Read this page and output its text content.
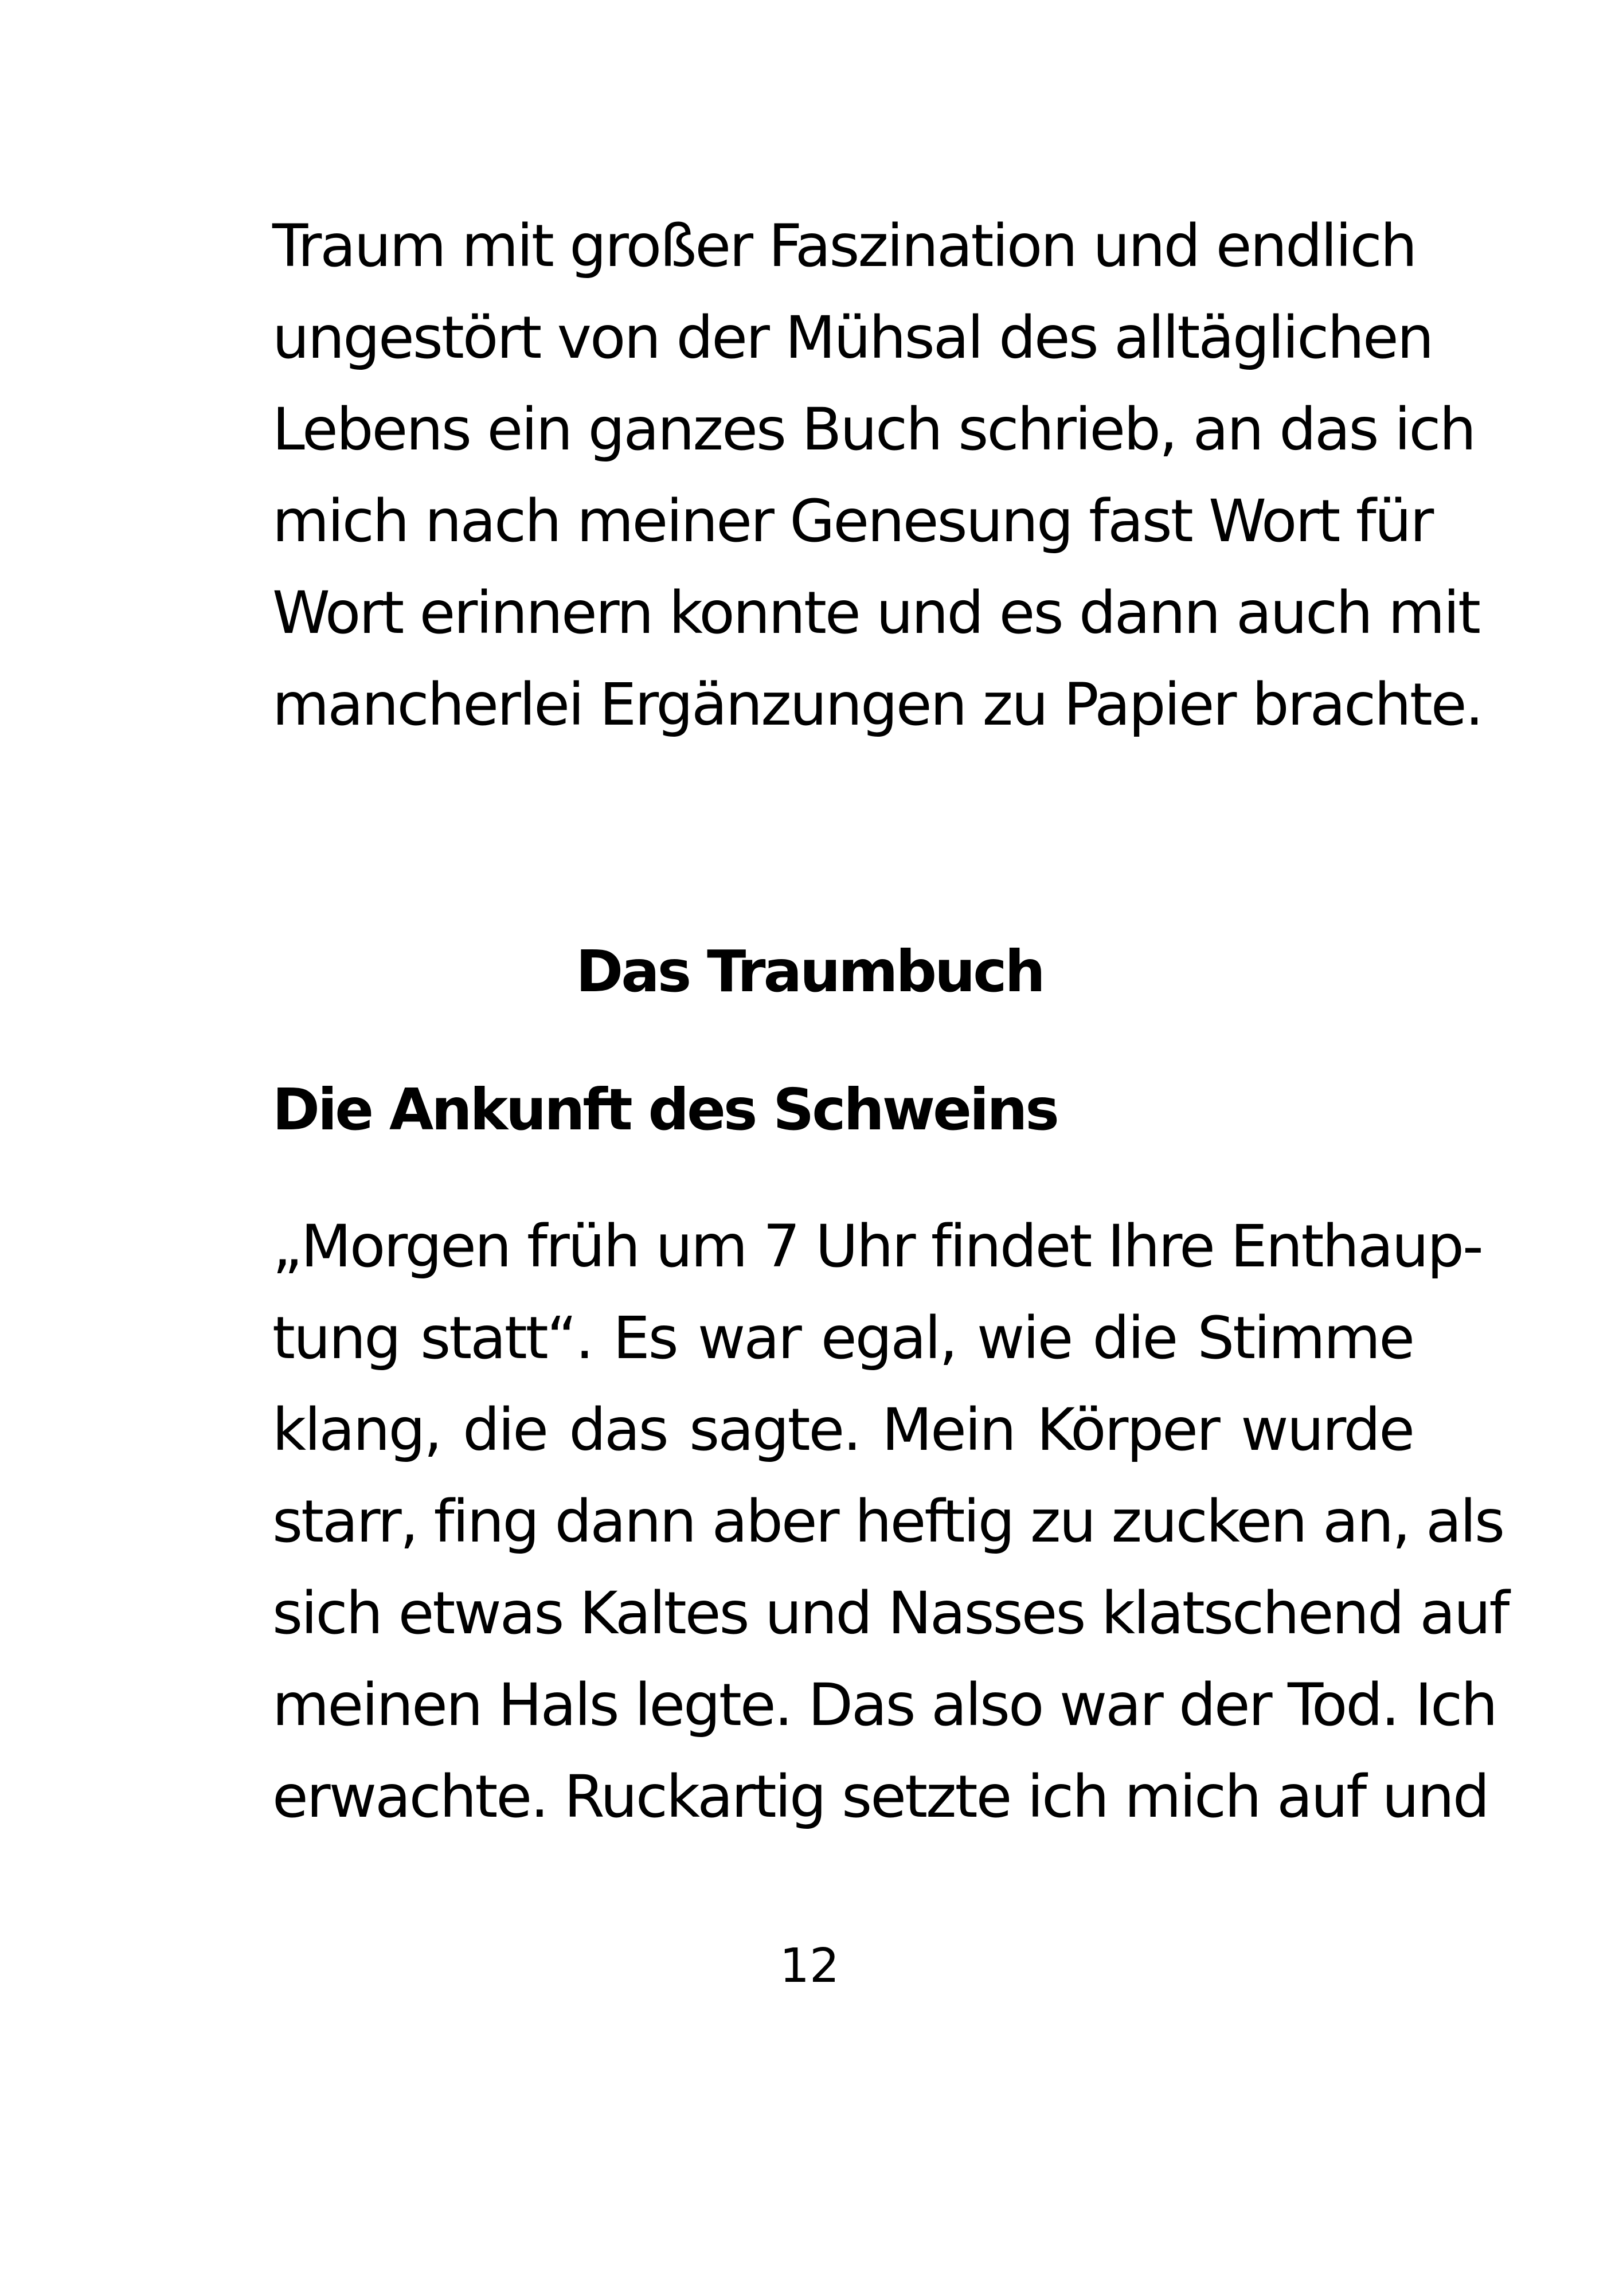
Traum mit großer Faszination und endlich
ungestört von der Mühsal des alltäglichen
Lebens ein ganzes Buch schrieb, an das ich
mich nach meiner Genesung fast Wort für
Wort erinnern konnte und es dann auch mit
mancherlei Ergänzungen zu Papier brachte.
Das Traumbuch
Die Ankunft des Schweins
„Morgen früh um 7 Uhr findet Ihre Enthaup-
tung statt“. Es war egal, wie die Stimme
klang, die das sagte. Mein Körper wurde
starr, fing dann aber heftig zu zucken an, als
sich etwas Kaltes und Nasses klatschend auf
meinen Hals legte. Das also war der Tod. Ich
erwachte. Ruckartig setzte ich mich auf und
12
